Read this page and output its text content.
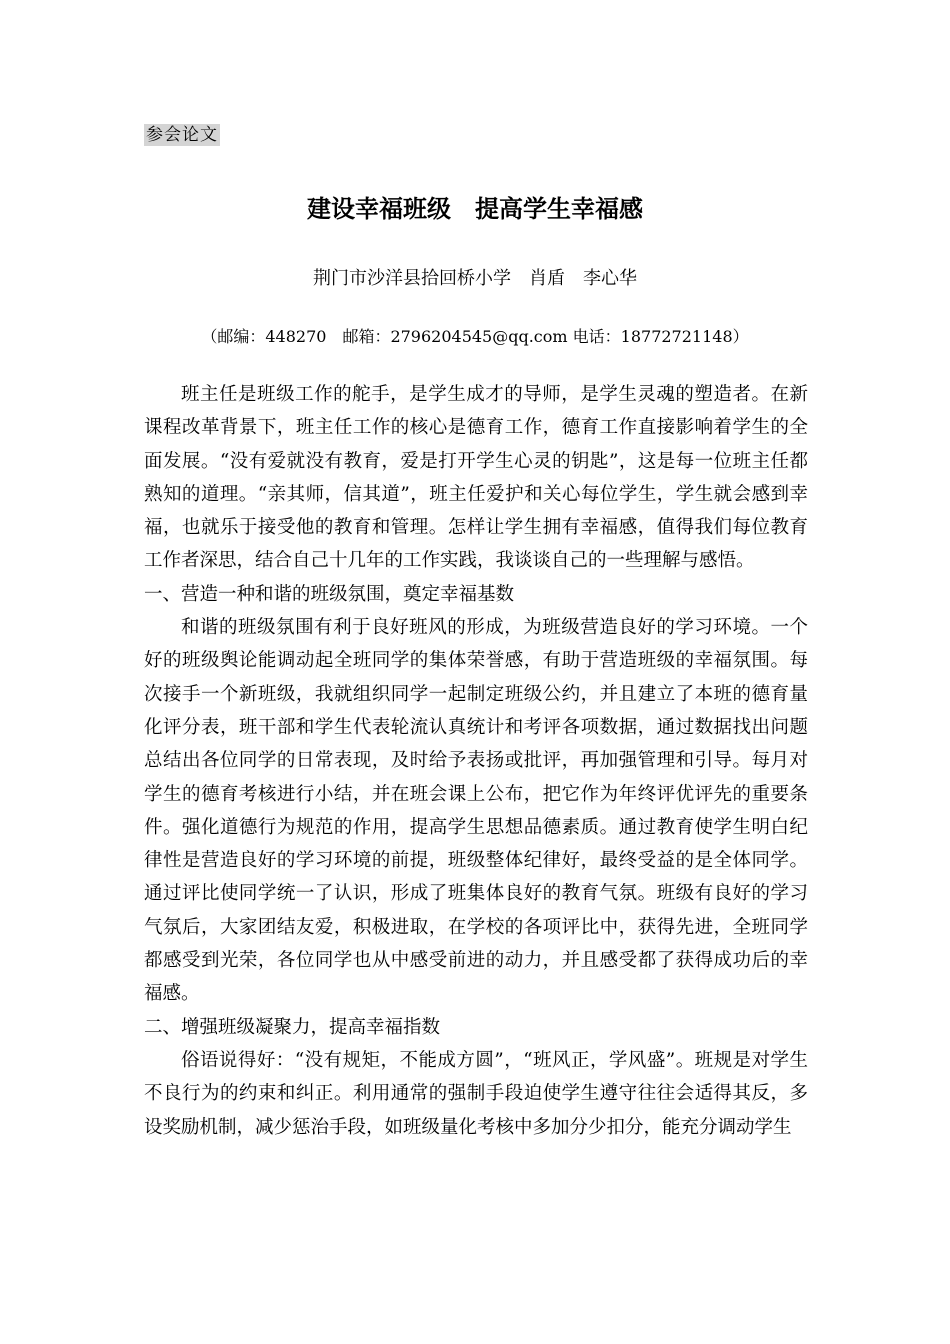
参会论文
建设幸福班级　提高学生幸福感
荆门市沙洋县拾回桥小学　肖盾　李心华
（邮编：448270　邮箱：2796204545@qq.com 电话：18772721148）

班主任是班级工作的舵手，是学生成才的导师，是学生灵魂的塑造者。在新课程改革背景下，班主任工作的核心是德育工作，德育工作直接影响着学生的全面发展。“没有爱就没有教育，爱是打开学生心灵的钥匙”，这是每一位班主任都熟知的道理。“亲其师，信其道”，班主任爱护和关心每位学生，学生就会感到幸福，也就乐于接受他的教育和管理。怎样让学生拥有幸福感，值得我们每位教育工作者深思，结合自己十几年的工作实践，我谈谈自己的一些理解与感悟。

一、营造一种和谐的班级氛围，奠定幸福基数

和谐的班级氛围有利于良好班风的形成，为班级营造良好的学习环境。一个好的班级舆论能调动起全班同学的集体荣誉感，有助于营造班级的幸福氛围。每次接手一个新班级，我就组织同学一起制定班级公约，并且建立了本班的德育量化评分表，班干部和学生代表轮流认真统计和考评各项数据，通过数据找出问题总结出各位同学的日常表现，及时给予表扬或批评，再加强管理和引导。每月对学生的德育考核进行小结，并在班会课上公布，把它作为年终评优评先的重要条件。强化道德行为规范的作用，提高学生思想品德素质。通过教育使学生明白纪律性是营造良好的学习环境的前提，班级整体纪律好，最终受益的是全体同学。通过评比使同学统一了认识，形成了班集体良好的教育气氛。班级有良好的学习气氛后，大家团结友爱，积极进取，在学校的各项评比中，获得先进，全班同学都感受到光荣，各位同学也从中感受前进的动力，并且感受都了获得成功后的幸福感。

二、增强班级凝聚力，提高幸福指数

俗语说得好：“没有规矩，不能成方圆”，“班风正，学风盛”。班规是对学生不良行为的约束和纠正。利用通常的强制手段迫使学生遵守往往会适得其反，多设奖励机制，减少惩治手段，如班级量化考核中多加分少扣分，能充分调动学生
